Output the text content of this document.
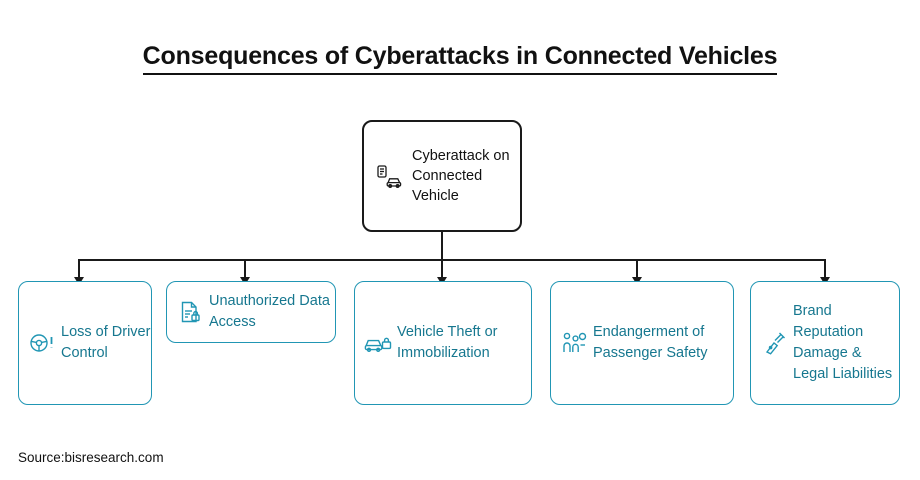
Consequences of Cyberattacks in Connected Vehicles
Cyberattack on Connected Vehicle
Loss of Driver Control
Unauthorized Data Access
Vehicle Theft or Immobilization
Endangerment of Passenger Safety
Brand Reputation Damage & Legal Liabilities
Source:bisresearch.com
